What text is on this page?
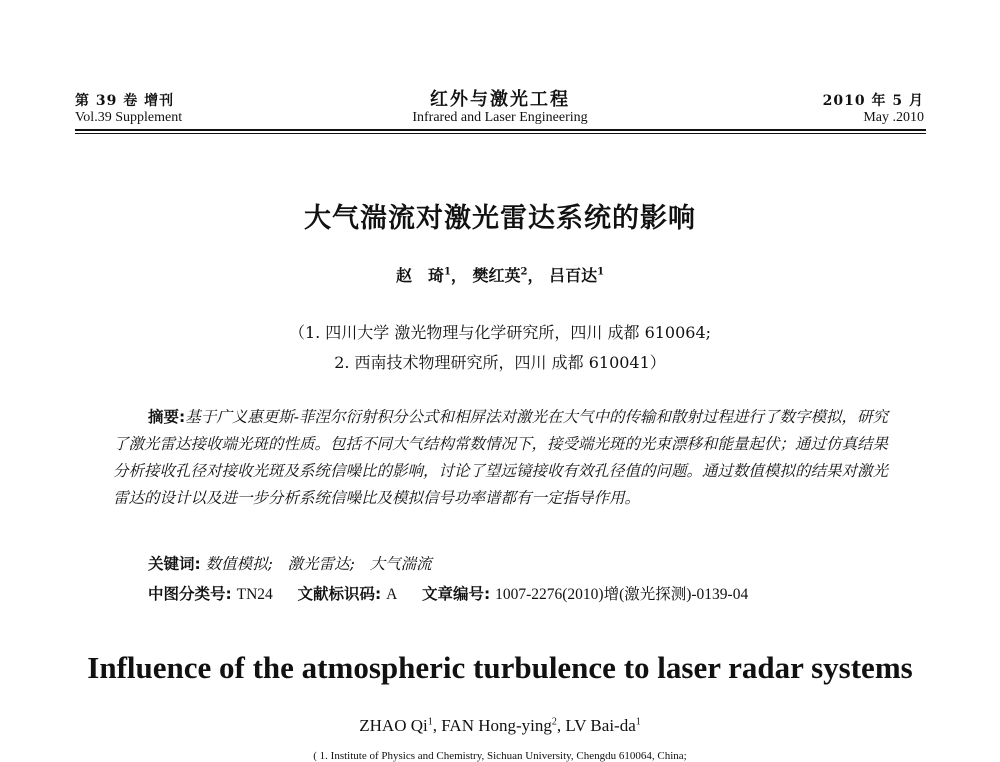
第 39 卷 增刊
Vol.39 Supplement
红外与激光工程
Infrared and Laser Engineering
2010 年 5 月
May .2010
大气湍流对激光雷达系统的影响
赵　琦$^1$， 樊红英$^2$， 吕百达$^1$
（1. 四川大学 激光物理与化学研究所，四川 成都 610064;
2. 西南技术物理研究所，四川 成都 610041）
摘要:基于广义惠更斯-菲涅尔衍射积分公式和相屏法对激光在大气中的传输和散射过程进行了数字模拟，研究了激光雷达接收端光斑的性质。包括不同大气结构常数情况下，接受端光斑的光束漂移和能量起伏；通过仿真结果分析接收孔径对接收光斑及系统信噪比的影响，讨论了望远镜接收有效孔径值的问题。通过数值模拟的结果对激光雷达的设计以及进一步分析系统信噪比及模拟信号功率谱都有一定指导作用。
关键词: 数值模拟; 激光雷达; 大气湍流
中图分类号: TN24 文献标识码: A 文章编号: 1007-2276(2010)增(激光探测)-0139-04
Influence of the atmospheric turbulence to laser radar systems
ZHAO Qi$^1$, FAN Hong-ying$^2$, LV Bai-$da^1$
( 1. Institute of Physics and Chemistry, Sichuan University, Chengdu 610064, China;
